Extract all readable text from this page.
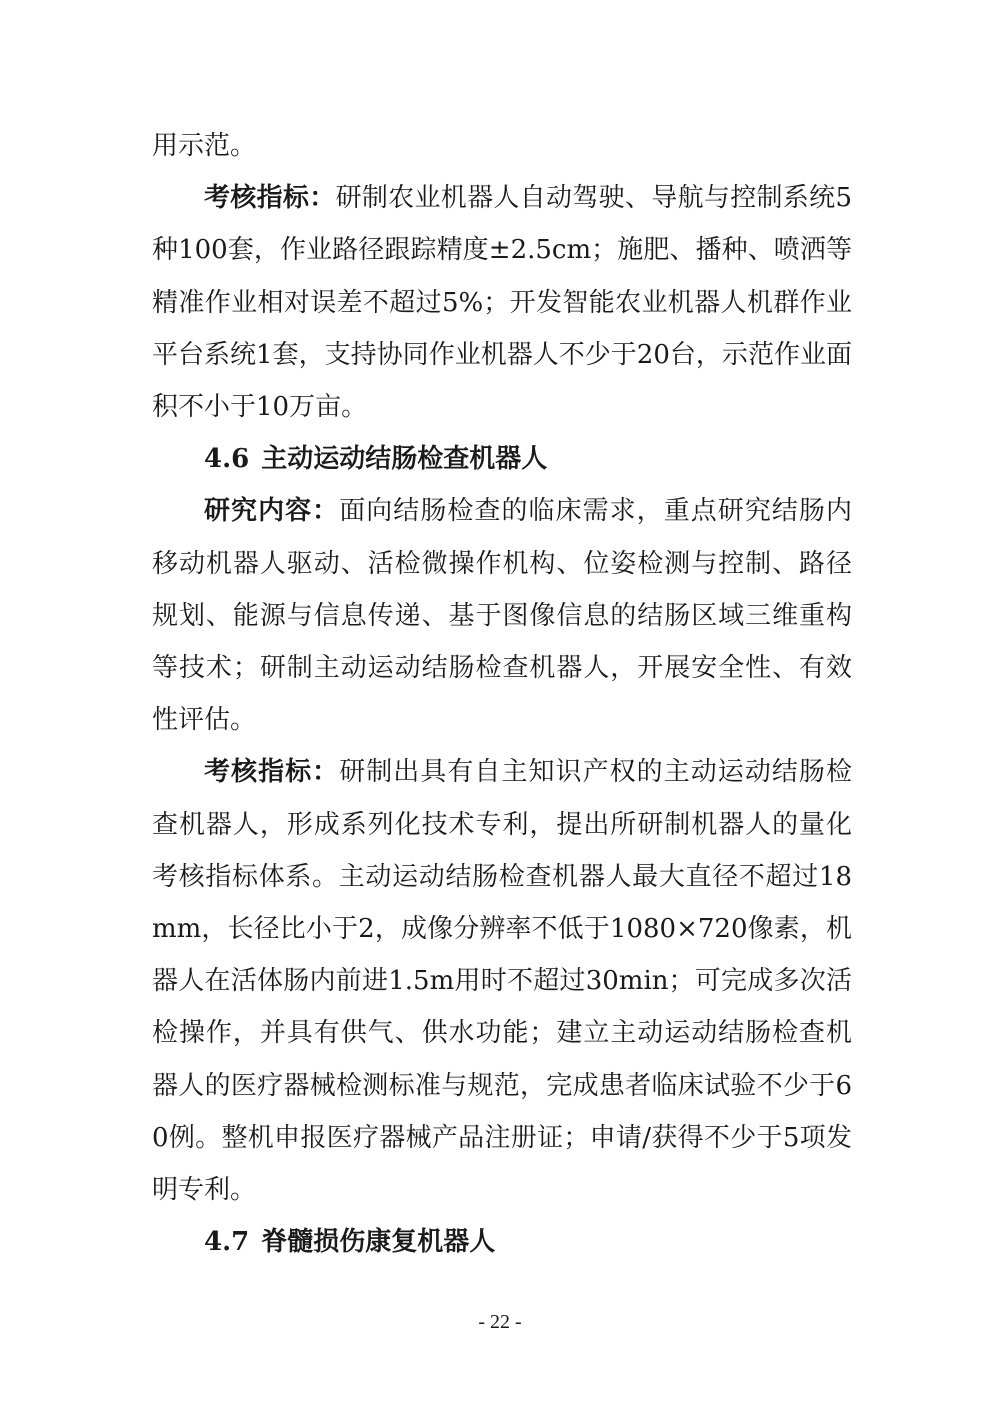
用示范。

考核指标：研制农业机器人自动驾驶、导航与控制系统5种100套，作业路径跟踪精度±2.5cm；施肥、播种、喷洒等精准作业相对误差不超过5%；开发智能农业机器人机群作业平台系统1套，支持协同作业机器人不少于20台，示范作业面积不小于10万亩。

4.6 主动运动结肠检查机器人

研究内容：面向结肠检查的临床需求，重点研究结肠内移动机器人驱动、活检微操作机构、位姿检测与控制、路径规划、能源与信息传递、基于图像信息的结肠区域三维重构等技术；研制主动运动结肠检查机器人，开展安全性、有效性评估。

考核指标：研制出具有自主知识产权的主动运动结肠检查机器人，形成系列化技术专利，提出所研制机器人的量化考核指标体系。主动运动结肠检查机器人最大直径不超过18mm，长径比小于2，成像分辨率不低于1080×720像素，机器人在活体肠内前进1.5m用时不超过30min；可完成多次活检操作，并具有供气、供水功能；建立主动运动结肠检查机器人的医疗器械检测标准与规范，完成患者临床试验不少于60例。整机申报医疗器械产品注册证；申请/获得不少于5项发明专利。

4.7 脊髓损伤康复机器人

- 22 -
